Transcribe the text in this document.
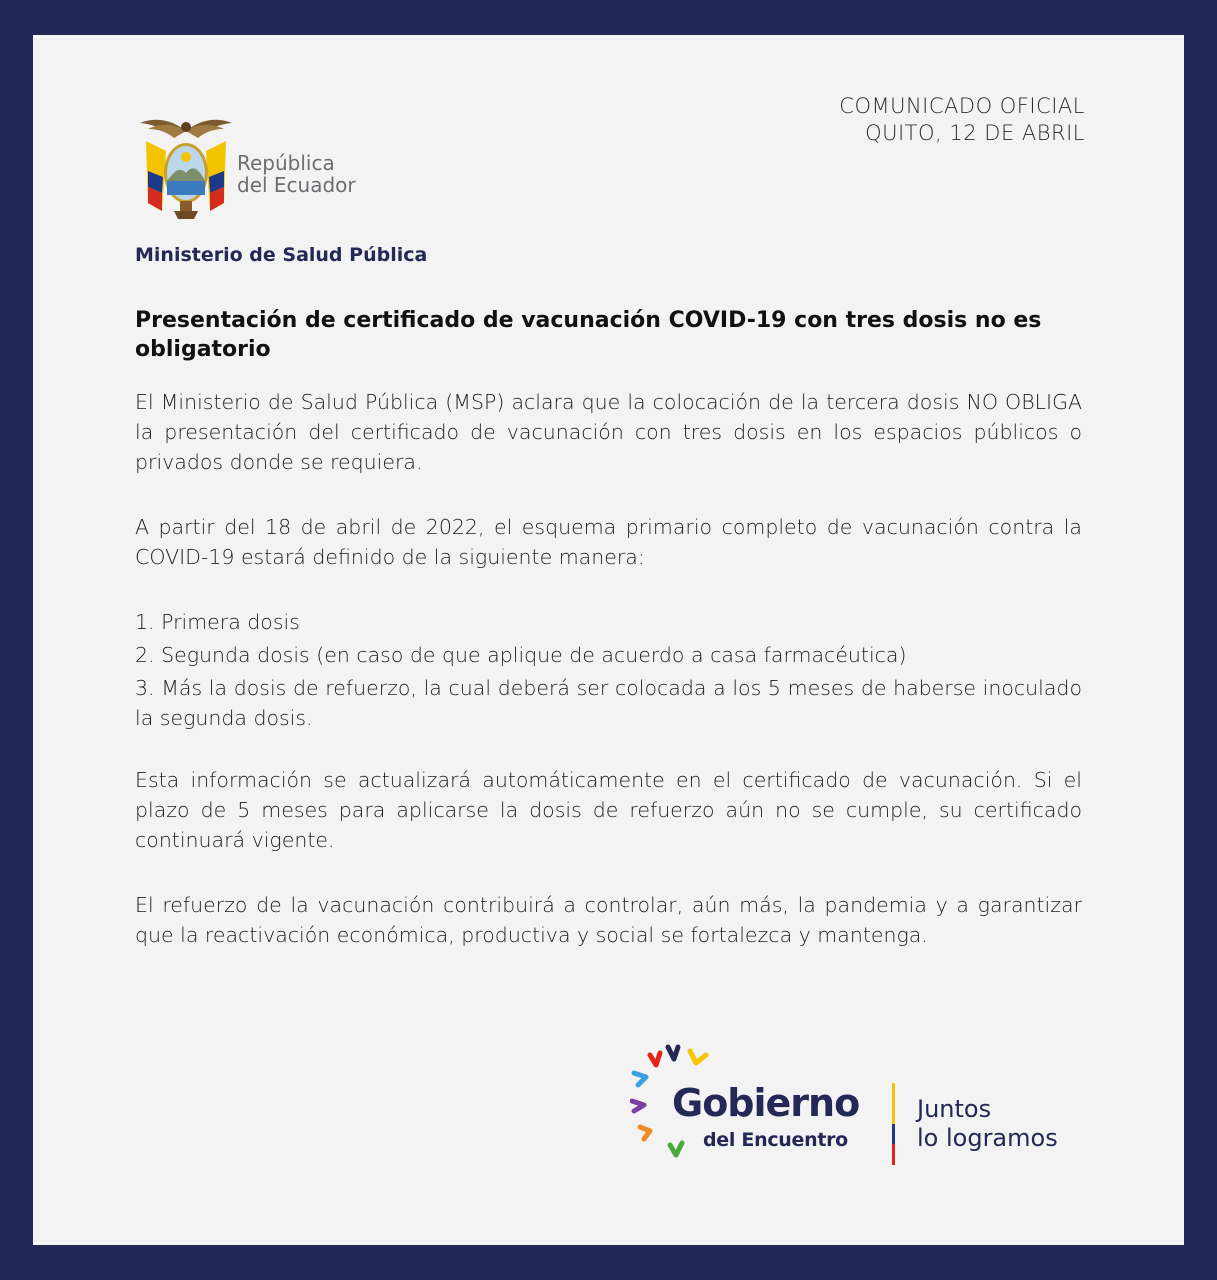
COMUNICADO OFICIAL
QUITO, 12 DE ABRIL
República
del Ecuador
Ministerio de Salud Pública
Presentación de certificado de vacunación COVID-19 con tres dosis no es obligatorio
El Ministerio de Salud Pública (MSP) aclara que la colocación de la tercera dosis NO OBLIGA la presentación del certificado de vacunación con tres dosis en los espacios públicos o privados donde se requiera.
A partir del 18 de abril de 2022, el esquema primario completo de vacunación contra la COVID-19 estará definido de la siguiente manera:
1. Primera dosis
2. Segunda dosis (en caso de que aplique de acuerdo a casa farmacéutica)
3. Más la dosis de refuerzo, la cual deberá ser colocada a los 5 meses de haberse inoculado la segunda dosis.
Esta información se actualizará automáticamente en el certificado de vacunación. Si el plazo de 5 meses para aplicarse la dosis de refuerzo aún no se cumple, su certificado continuará vigente.
El refuerzo de la vacunación contribuirá a controlar, aún más, la pandemia y a garantizar que la reactivación económica, productiva y social se fortalezca y mantenga.
Gobierno
del Encuentro
Juntos
lo logramos
